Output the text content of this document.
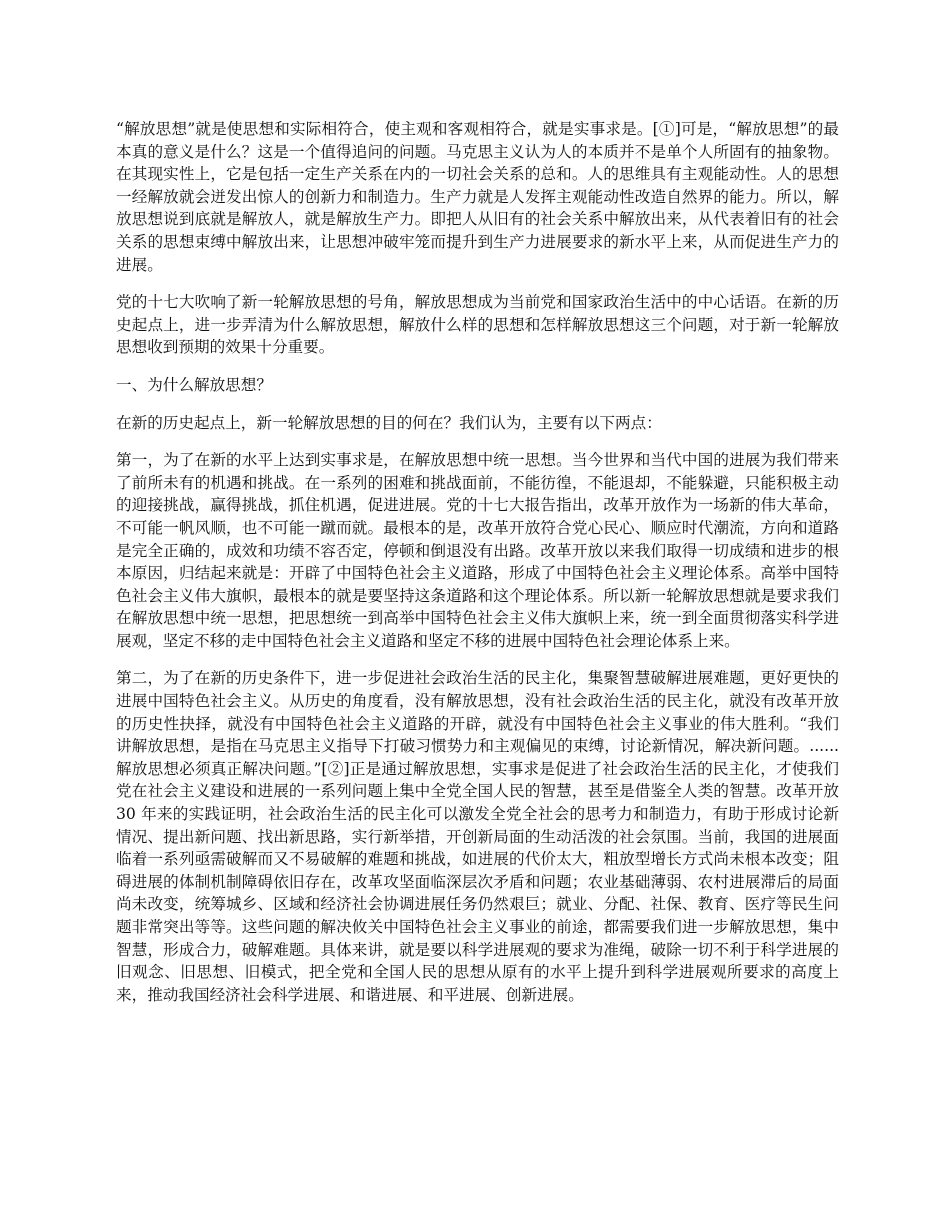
“解放思想”就是使思想和实际相符合，使主观和客观相符合，就是实事求是。[①]可是，“解放思想”的最本真的意义是什么？这是一个值得追问的问题。马克思主义认为人的本质并不是单个人所固有的抽象物。在其现实性上，它是包括一定生产关系在内的一切社会关系的总和。人的思维具有主观能动性。人的思想一经解放就会迸发出惊人的创新力和制造力。生产力就是人发挥主观能动性改造自然界的能力。所以，解放思想说到底就是解放人，就是解放生产力。即把人从旧有的社会关系中解放出来，从代表着旧有的社会关系的思想束缚中解放出来，让思想冲破牢笼而提升到生产力进展要求的新水平上来，从而促进生产力的进展。

党的十七大吹响了新一轮解放思想的号角，解放思想成为当前党和国家政治生活中的中心话语。在新的历史起点上，进一步弄清为什么解放思想，解放什么样的思想和怎样解放思想这三个问题，对于新一轮解放思想收到预期的效果十分重要。

一、为什么解放思想？

在新的历史起点上，新一轮解放思想的目的何在？我们认为，主要有以下两点：

第一，为了在新的水平上达到实事求是，在解放思想中统一思想。当今世界和当代中国的进展为我们带来了前所未有的机遇和挑战。在一系列的困难和挑战面前，不能彷徨，不能退却，不能躲避，只能积极主动的迎接挑战，赢得挑战，抓住机遇，促进进展。党的十七大报告指出，改革开放作为一场新的伟大革命，不可能一帆风顺，也不可能一蹴而就。最根本的是，改革开放符合党心民心、顺应时代潮流，方向和道路是完全正确的，成效和功绩不容否定，停顿和倒退没有出路。改革开放以来我们取得一切成绩和进步的根本原因，归结起来就是：开辟了中国特色社会主义道路，形成了中国特色社会主义理论体系。高举中国特色社会主义伟大旗帜，最根本的就是要坚持这条道路和这个理论体系。所以新一轮解放思想就是要求我们在解放思想中统一思想，把思想统一到高举中国特色社会主义伟大旗帜上来，统一到全面贯彻落实科学进展观，坚定不移的走中国特色社会主义道路和坚定不移的进展中国特色社会理论体系上来。

第二，为了在新的历史条件下，进一步促进社会政治生活的民主化，集聚智慧破解进展难题，更好更快的进展中国特色社会主义。从历史的角度看，没有解放思想，没有社会政治生活的民主化，就没有改革开放的历史性抉择，就没有中国特色社会主义道路的开辟，就没有中国特色社会主义事业的伟大胜利。“我们讲解放思想，是指在马克思主义指导下打破习惯势力和主观偏见的束缚，讨论新情况，解决新问题。......解放思想必须真正解决问题。”[②]正是通过解放思想，实事求是促进了社会政治生活的民主化，才使我们党在社会主义建设和进展的一系列问题上集中全党全国人民的智慧，甚至是借鉴全人类的智慧。改革开放 30 年来的实践证明，社会政治生活的民主化可以激发全党全社会的思考力和制造力，有助于形成讨论新情况、提出新问题、找出新思路，实行新举措，开创新局面的生动活泼的社会氛围。当前，我国的进展面临着一系列亟需破解而又不易破解的难题和挑战，如进展的代价太大，粗放型增长方式尚未根本改变；阻碍进展的体制机制障碍依旧存在，改革攻坚面临深层次矛盾和问题；农业基础薄弱、农村进展滞后的局面尚未改变，统筹城乡、区域和经济社会协调进展任务仍然艰巨；就业、分配、社保、教育、医疗等民生问题非常突出等等。这些问题的解决攸关中国特色社会主义事业的前途，都需要我们进一步解放思想，集中智慧，形成合力，破解难题。具体来讲，就是要以科学进展观的要求为准绳，破除一切不利于科学进展的旧观念、旧思想、旧模式，把全党和全国人民的思想从原有的水平上提升到科学进展观所要求的高度上来，推动我国经济社会科学进展、和谐进展、和平进展、创新进展。
